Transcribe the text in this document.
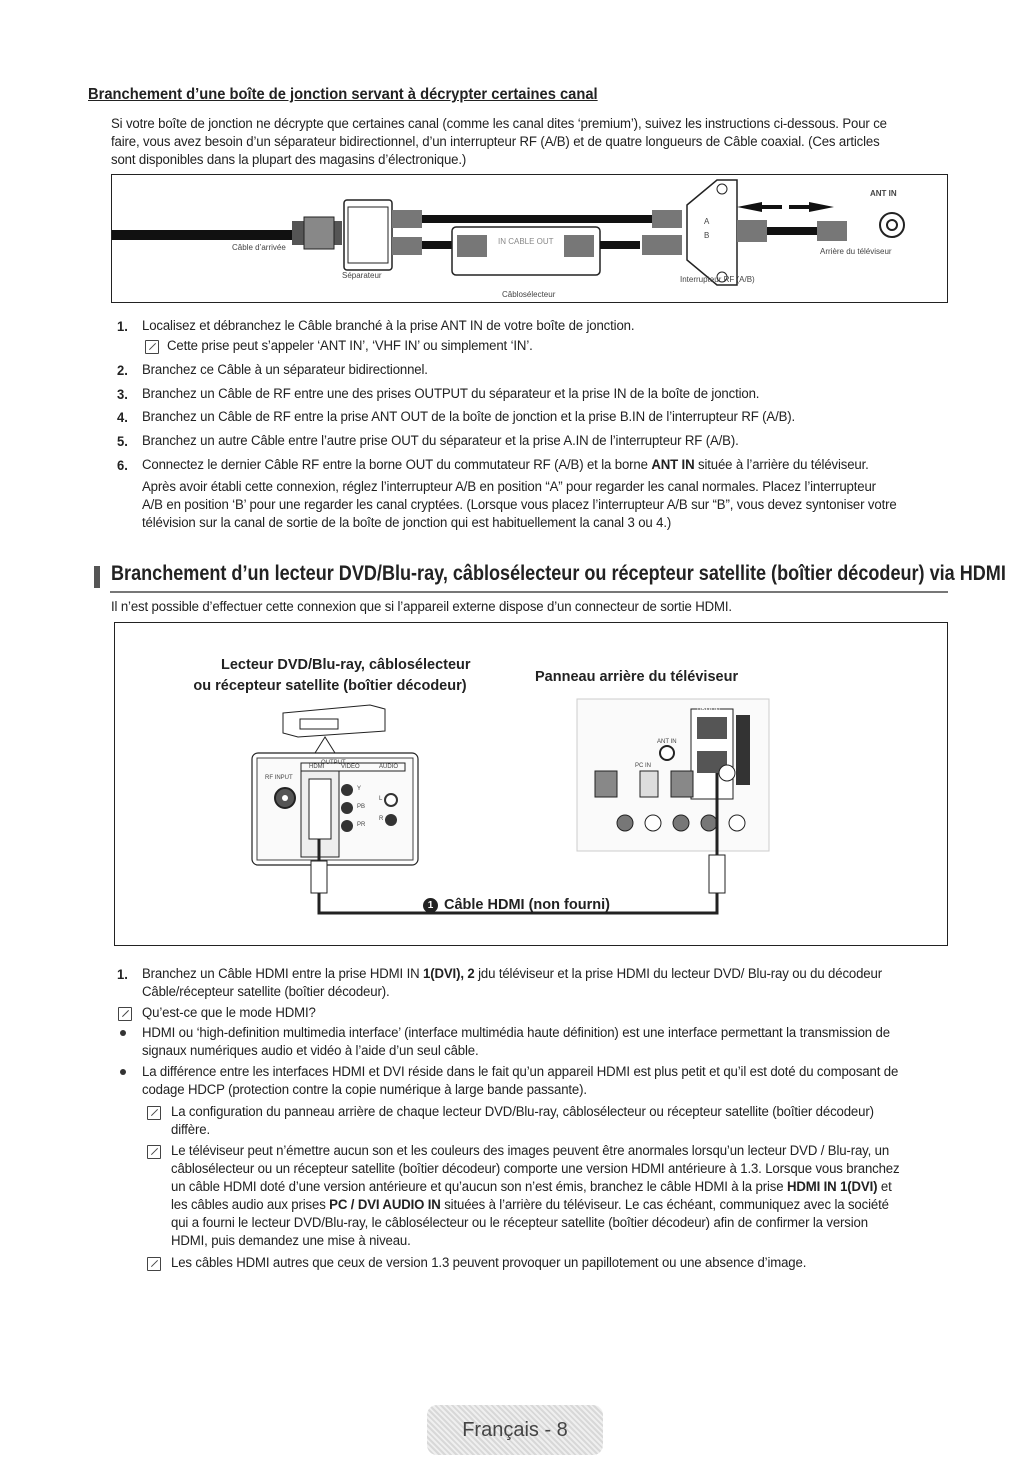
Branchement d’une boîte de jonction servant à décrypter certaines canal
Si votre boîte de jonction ne décrypte que certaines canal (comme les canal dites ‘premium’), suivez les instructions ci-dessous. Pour ce
faire, vous avez besoin d’un séparateur bidirectionnel, d’un interrupteur RF (A/B) et de quatre longueurs de Câble coaxial. (Ces articles
sont disponibles dans la plupart des magasins d’électronique.)
ANT IN
Câble d’arrivée
Séparateur
Câblosélecteur
IN CABLE OUT
Interrupteur RF (A/B)
Arrière du téléviseur
A
B
1. Localisez et débranchez le Câble branché à la prise ANT IN de votre boîte de jonction.
Cette prise peut s’appeler ‘ANT IN’, ‘VHF IN’ ou simplement ‘IN’.
2. Branchez ce Câble à un séparateur bidirectionnel.
3. Branchez un Câble de RF entre une des prises OUTPUT du séparateur et la prise IN de la boîte de jonction.
4. Branchez un Câble de RF entre la prise ANT OUT de la boîte de jonction et la prise B.IN de l’interrupteur RF (A/B).
5. Branchez un autre Câble entre l’autre prise OUT du séparateur et la prise A.IN de l’interrupteur RF (A/B).
6. Connectez le dernier Câble RF entre la borne OUT du commutateur RF (A/B) et la borne ANT IN située à l’arrière du téléviseur.
Après avoir établi cette connexion, réglez l’interrupteur A/B en position “A” pour regarder les canal normales. Placez l’interrupteur
A/B en position ‘B’ pour une regarder les canal cryptées. (Lorsque vous placez l’interrupteur A/B sur “B”, vous devez syntoniser votre
télévision sur la canal de sortie de la boîte de jonction qui est habituellement la canal 3 ou 4.)
Branchement d’un lecteur DVD/Blu-ray, câblosélecteur ou récepteur satellite (boîtier décodeur) via HDMI
Il n’est possible d’effectuer cette connexion que si l’appareil externe dispose d’un connecteur de sortie HDMI.
Lecteur DVD/Blu-ray, câblosélecteur
ou récepteur satellite (boîtier décodeur)
Panneau arrière du téléviseur
OUTPUT
HDMI	VIDEO	AUDIO
RF INPUT
Y
PB
PR
L
R
HDMI IN
ANT IN
PC IN
1 Câble HDMI (non fourni)
1. Branchez un Câble HDMI entre la prise HDMI IN 1(DVI), 2 jdu téléviseur et la prise HDMI du lecteur DVD/ Blu-ray ou du décodeur
Câble/récepteur satellite (boîtier décodeur).
Qu’est-ce que le mode HDMI?
HDMI ou ‘high-definition multimedia interface’ (interface multimédia haute définition) est une interface permettant la transmission de
signaux numériques audio et vidéo à l’aide d’un seul câble.
La différence entre les interfaces HDMI et DVI réside dans le fait qu’un appareil HDMI est plus petit et qu’il est doté du composant de
codage HDCP (protection contre la copie numérique à large bande passante).
La configuration du panneau arrière de chaque lecteur DVD/Blu-ray, câblosélecteur ou récepteur satellite (boîtier décodeur)
diffère.
Le téléviseur peut n’émettre aucun son et les couleurs des images peuvent être anormales lorsqu’un lecteur DVD / Blu-ray, un
câblosélecteur ou un récepteur satellite (boîtier décodeur) comporte une version HDMI antérieure à 1.3. Lorsque vous branchez
un câble HDMI doté d’une version antérieure et qu’aucun son n’est émis, branchez le câble HDMI à la prise HDMI IN 1(DVI) et
les câbles audio aux prises PC / DVI AUDIO IN situées à l’arrière du téléviseur. Le cas échéant, communiquez avec la société
qui a fourni le lecteur DVD/Blu-ray, le câblosélecteur ou le récepteur satellite (boîtier décodeur) afin de confirmer la version
HDMI, puis demandez une mise à niveau.
Les câbles HDMI autres que ceux de version 1.3 peuvent provoquer un papillotement ou une absence d’image.
Français - 8
